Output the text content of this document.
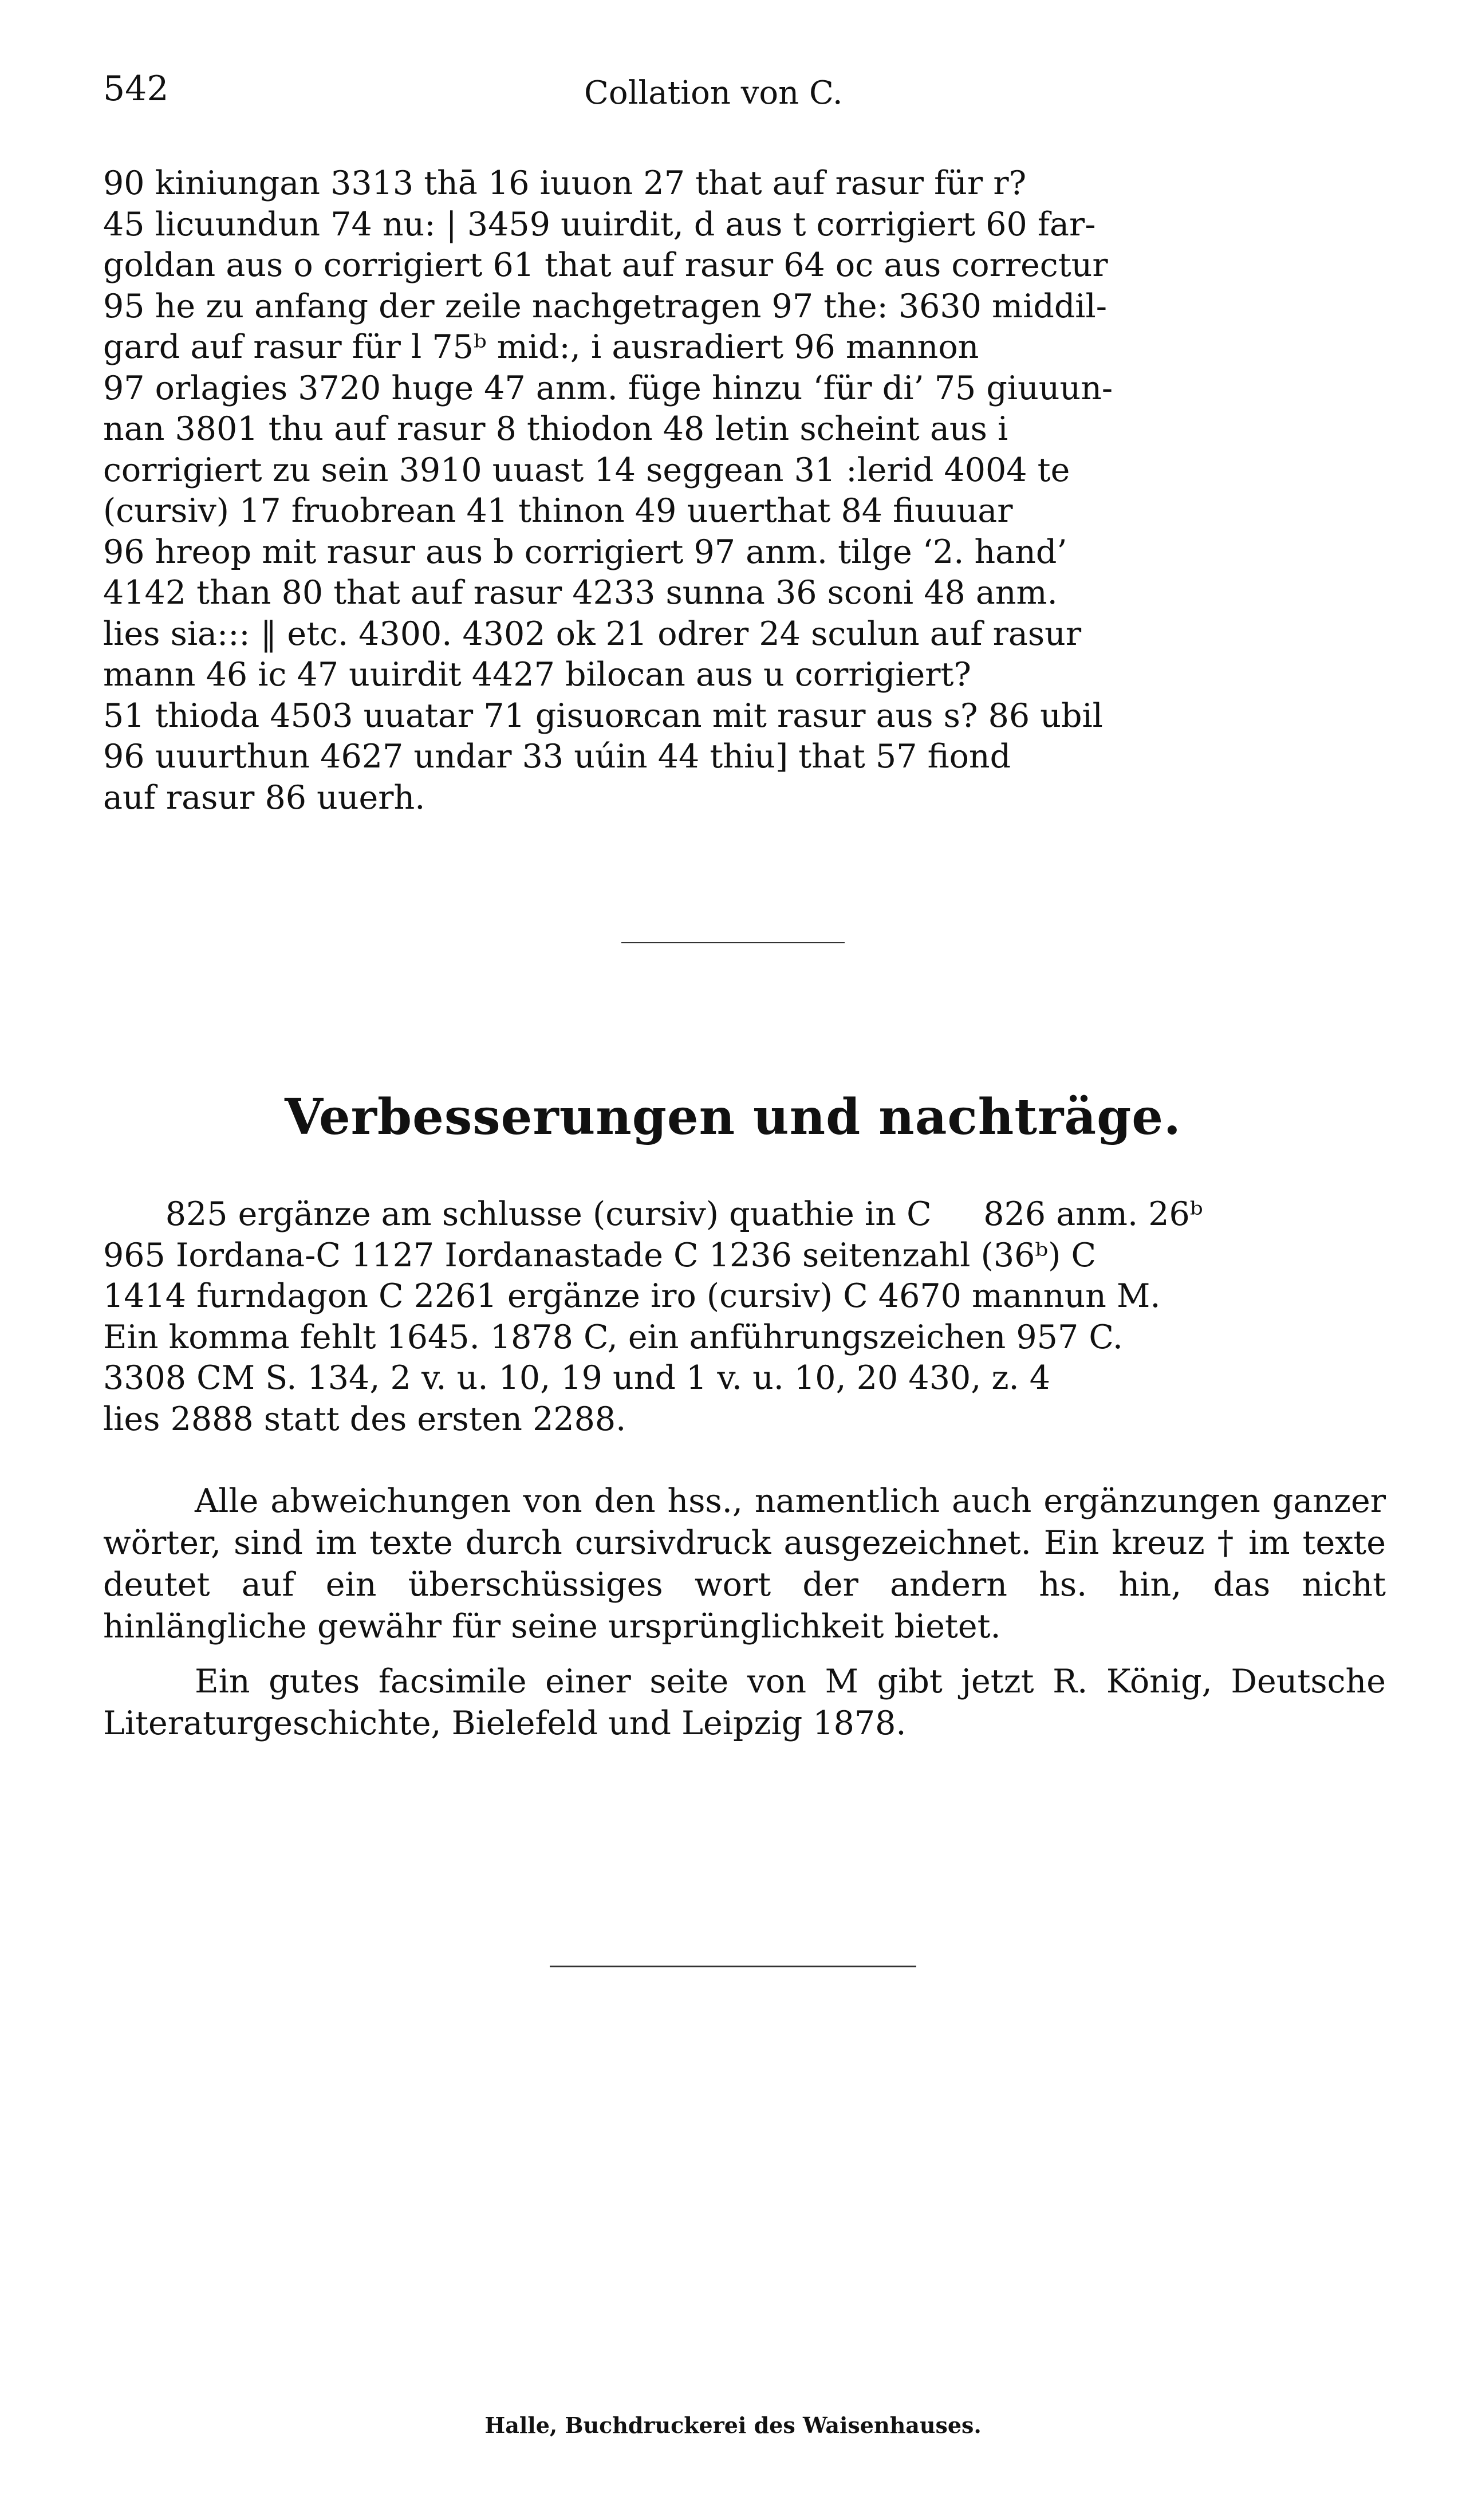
542	Collation von C.
90 kiniungan 3313 thā 16 iuuon 27 that auf rasur für r?
45 licuundun 74 nu: | 3459 uuirdit, d aus t corrigiert 60 far-
goldan aus o corrigiert 61 that auf rasur 64 oc aus correctur
95 he zu anfang der zeile nachgetragen 97 the: 3630 middil-
gard auf rasur für l 75ᵇ mid:, i ausradiert 96 mannon
97 orlagies 3720 huge 47 anm. füge hinzu ‘für di’ 75 giuuun-
nan 3801 thu auf rasur 8 thiodon 48 letin scheint aus i
corrigiert zu sein 3910 uuast 14 seggean 31 :lerid 4004 te
(cursiv) 17 fruobrean 41 thinon 49 uuerthat 84 fiuuuar
96 hreop mit rasur aus b corrigiert 97 anm. tilge ‘2. hand’
4142 than 80 that auf rasur 4233 sunna 36 sconi 48 anm.
lies sia::: ‖ etc. 4300. 4302 ok 21 odrer 24 sculun auf rasur
mann 46 ic 47 uuirdit 4427 bilocan aus u corrigiert?
51 thioda 4503 uuatar 71 gisuoʀcan mit rasur aus s? 86 ubil
96 uuurthun 4627 undar 33 uúin 44 thiu] that 57 fiond
auf rasur 86 uuerh.
Verbesserungen und nachträge.
825 ergänze am schlusse (cursiv) quathie in C     826 anm. 26ᵇ
965 Iordana-C 1127 Iordanastade C 1236 seitenzahl (36ᵇ) C
1414 furndagon C 2261 ergänze iro (cursiv) C 4670 mannun M.
Ein komma fehlt 1645. 1878 C, ein anführungszeichen 957 C.
3308 CM S. 134, 2 v. u. 10, 19 und 1 v. u. 10, 20 430, z. 4
lies 2888 statt des ersten 2288.
Alle abweichungen von den hss., namentlich auch ergänzungen ganzer wörter, sind im texte durch cursivdruck ausgezeichnet. Ein kreuz † im texte deutet auf ein überschüssiges wort der andern hs. hin, das nicht hinlängliche gewähr für seine ursprünglichkeit bietet.
Ein gutes facsimile einer seite von M gibt jetzt R. König, Deutsche Literaturgeschichte, Bielefeld und Leipzig 1878.
Halle, Buchdruckerei des Waisenhauses.
